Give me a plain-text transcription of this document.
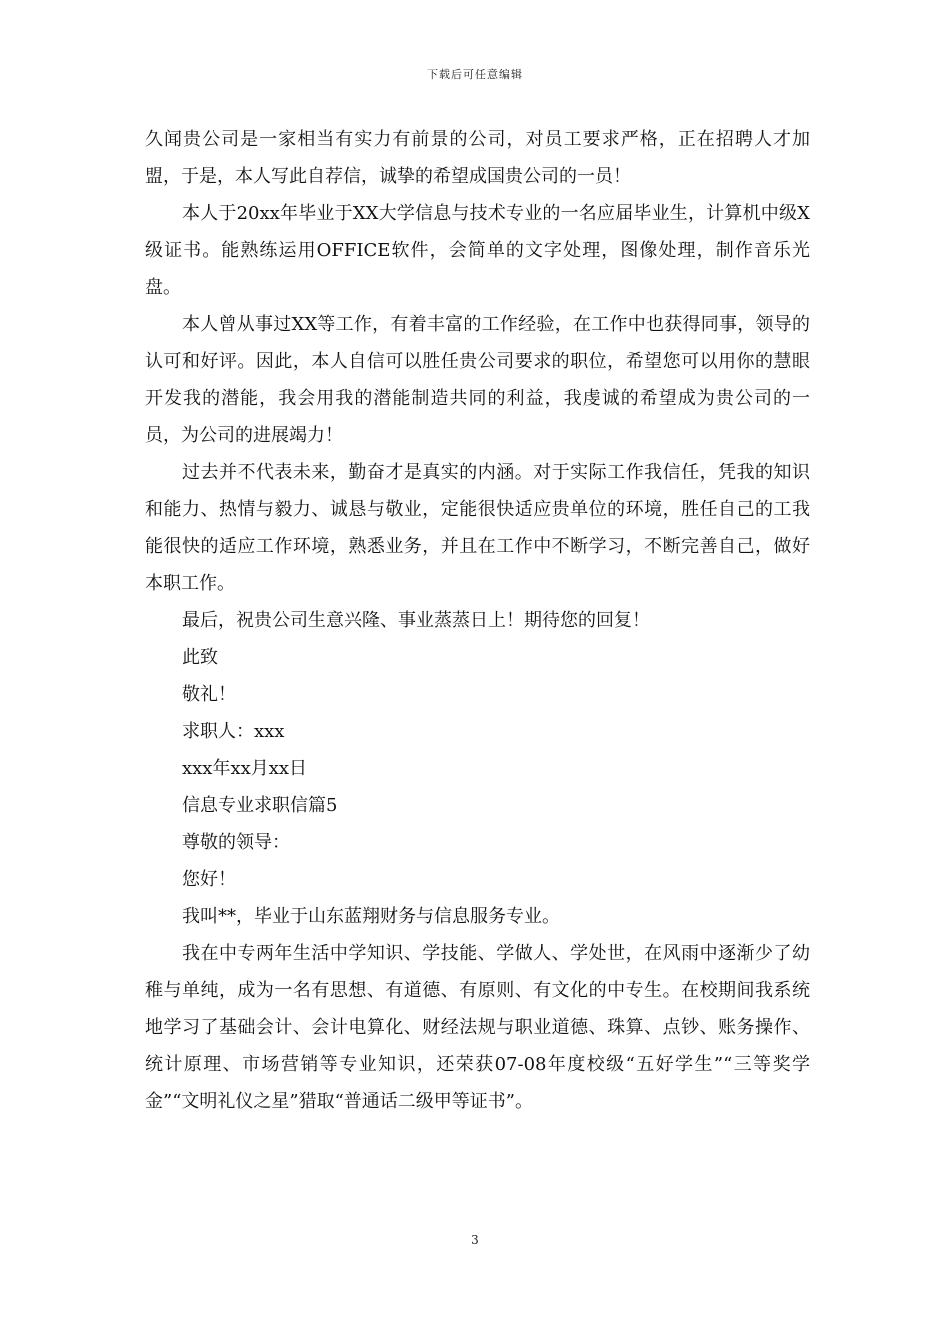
下载后可任意编辑

久闻贵公司是一家相当有实力有前景的公司，对员工要求严格，正在招聘人才加盟，于是，本人写此自荐信，诚挚的希望成国贵公司的一员！

本人于20xx年毕业于XX大学信息与技术专业的一名应届毕业生，计算机中级X级证书。能熟练运用OFFICE软件，会简单的文字处理，图像处理，制作音乐光盘。

本人曾从事过XX等工作，有着丰富的工作经验，在工作中也获得同事，领导的认可和好评。因此，本人自信可以胜任贵公司要求的职位，希望您可以用你的慧眼开发我的潜能，我会用我的潜能制造共同的利益，我虔诚的希望成为贵公司的一员，为公司的进展竭力！

过去并不代表未来，勤奋才是真实的内涵。对于实际工作我信任，凭我的知识和能力、热情与毅力、诚恳与敬业，定能很快适应贵单位的环境，胜任自己的工我能很快的适应工作环境，熟悉业务，并且在工作中不断学习，不断完善自己，做好本职工作。

最后，祝贵公司生意兴隆、事业蒸蒸日上！期待您的回复！

此致

敬礼！

求职人：xxx

xxx年xx月xx日

信息专业求职信篇5

尊敬的领导：

您好！

我叫**，毕业于山东蓝翔财务与信息服务专业。

我在中专两年生活中学知识、学技能、学做人、学处世，在风雨中逐渐少了幼稚与单纯，成为一名有思想、有道德、有原则、有文化的中专生。在校期间我系统地学习了基础会计、会计电算化、财经法规与职业道德、珠算、点钞、账务操作、统计原理、市场营销等专业知识，还荣获07-08年度校级“五好学生”“三等奖学金”“文明礼仪之星”猎取“普通话二级甲等证书”。

3
